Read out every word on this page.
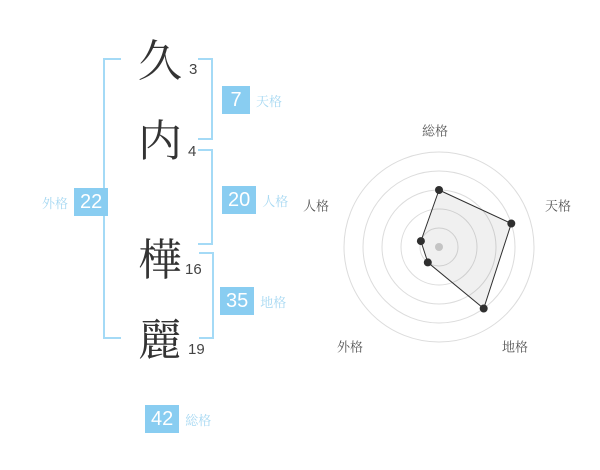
久
内
樺
麗
3
4
16
19
外格 22
7	天格
20 人格
35 地格
42 総格
総格
天格
地格
外格
人格
